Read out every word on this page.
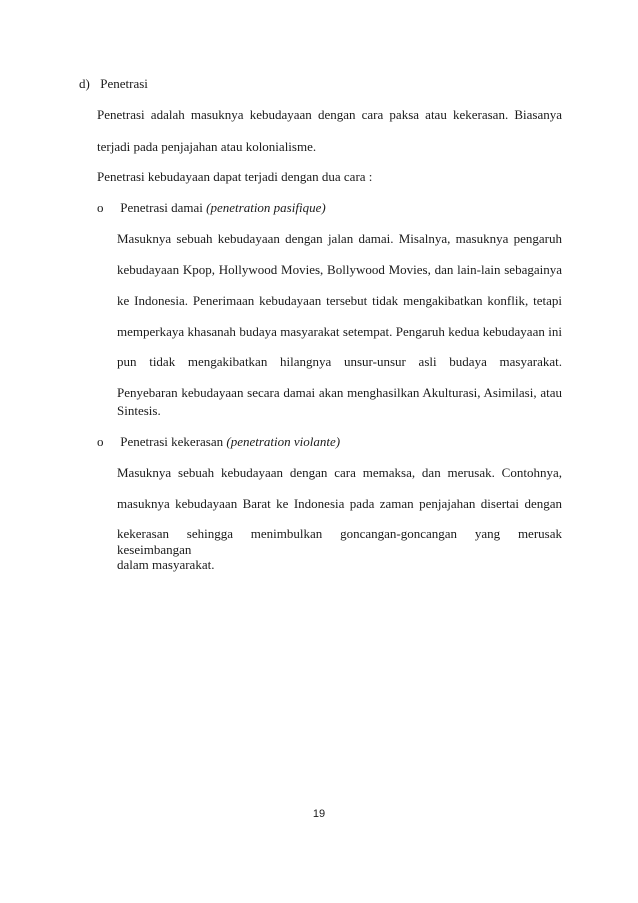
d) Penetrasi
Penetrasi adalah masuknya kebudayaan dengan cara paksa atau kekerasan. Biasanya
terjadi pada penjajahan atau kolonialisme.
Penetrasi kebudayaan dapat terjadi dengan dua cara :
o Penetrasi damai (penetration pasifique)
Masuknya sebuah kebudayaan dengan jalan damai. Misalnya, masuknya pengaruh
kebudayaan Kpop, Hollywood Movies, Bollywood Movies, dan lain-lain sebagainya
ke Indonesia. Penerimaan kebudayaan tersebut tidak mengakibatkan konflik, tetapi
memperkaya khasanah budaya masyarakat setempat. Pengaruh kedua kebudayaan ini
pun tidak mengakibatkan hilangnya unsur-unsur asli budaya masyarakat.
Penyebaran kebudayaan secara damai akan menghasilkan Akulturasi, Asimilasi, atau
Sintesis.
o Penetrasi kekerasan (penetration violante)
Masuknya sebuah kebudayaan dengan cara memaksa, dan merusak. Contohnya,
masuknya kebudayaan Barat ke Indonesia pada zaman penjajahan disertai dengan
kekerasan sehingga menimbulkan goncangan-goncangan yang merusak keseimbangan
dalam masyarakat.
19
